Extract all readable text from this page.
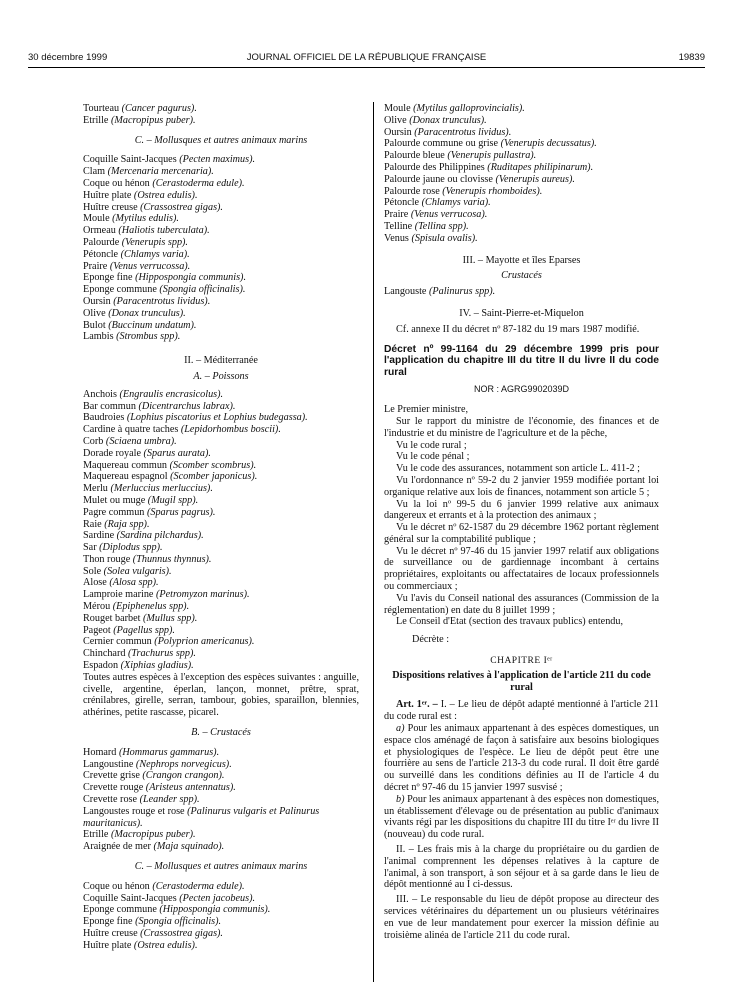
30 décembre 1999	JOURNAL OFFICIEL DE LA RÉPUBLIQUE FRANÇAISE	19839
Tourteau (Cancer pagurus).
Etrille (Macropipus puber).

C. – Mollusques et autres animaux marins

Coquille Saint-Jacques (Pecten maximus).
Clam (Mercenaria mercenaria).
Coque ou hénon (Cerastoderma edule).
Huître plate (Ostrea edulis).
Huître creuse (Crassostrea gigas).
Moule (Mytilus edulis).
Ormeau (Haliotis tuberculata).
Palourde (Venerupis spp).
Pétoncle (Chlamys varia).
Praire (Venus verrucossa).
Eponge fine (Hippospongia communis).
Eponge commune (Spongia officinalis).
Oursin (Paracentrotus lividus).
Olive (Donax trunculus).
Bulot (Buccinum undatum).
Lambis (Strombus spp).

II. – Méditerranée

A. – Poissons

Anchois (Engraulis encrasicolus).
Bar commun (Dicentrarchus labrax).
Baudroies (Lophius piscatorius et Lophius budegassa).
Cardine à quatre taches (Lepidorhombus boscii).
Corb (Sciaena umbra).
Dorade royale (Sparus aurata).
Maquereau commun (Scomber scombrus).
Maquereau espagnol (Scomber japonicus).
Merlu (Merluccius merluccius).
Mulet ou muge (Mugil spp).
Pagre commun (Sparus pagrus).
Raie (Raja spp).
Sardine (Sardina pilchardus).
Sar (Diplodus spp).
Thon rouge (Thunnus thynnus).
Sole (Solea vulgaris).
Alose (Alosa spp).
Lamproie marine (Petromyzon marinus).
Mérou (Epiphenelus spp).
Rouget barbet (Mullus spp).
Pageot (Pagellus spp).
Cernier commun (Polyprion americanus).
Chinchard (Trachurus spp).
Espadon (Xiphias gladius).

Toutes autres espèces à l'exception des espèces suivantes : anguille, civelle, argentine, éperlan, lançon, monnet, prêtre, sprat, crénilabres, girelle, serran, tambour, gobies, sparaillon, blennies, athérines, petite rascasse, picarel.

B. – Crustacés

Homard (Hommarus gammarus).
Langoustine (Nephrops norvegicus).
Crevette grise (Crangon crangon).
Crevette rouge (Aristeus antennatus).
Crevette rose (Leander spp).
Langoustes rouge et rose (Palinurus vulgaris et Palinurus mauritanicus).
Etrille (Macropipus puber).
Araignée de mer (Maja squinado).

C. – Mollusques et autres animaux marins

Coque ou hénon (Cerastoderma edule).
Coquille Saint-Jacques (Pecten jacobeus).
Eponge commune (Hippospongia communis).
Eponge fine (Spongia officinalis).
Huître creuse (Crassostrea gigas).
Huître plate (Ostrea edulis).
Moule (Mytilus galloprovincialis).
Olive (Donax trunculus).
Oursin (Paracentrotus lividus).
Palourde commune ou grise (Venerupis decussatus).
Palourde bleue (Venerupis pullastra).
Palourde des Philippines (Ruditapes philipinarum).
Palourde jaune ou clovisse (Venerupis aureus).
Palourde rose (Venerupis rhomboides).
Pétoncle (Chlamys varia).
Praire (Venus verrucosa).
Telline (Tellina spp).
Venus (Spisula ovalis).

III. – Mayotte et îles Eparses

Crustacés

Langouste (Palinurus spp).

IV. – Saint-Pierre-et-Miquelon

Cf. annexe II du décret nº 87-182 du 19 mars 1987 modifié.

Décret nº 99-1164 du 29 décembre 1999 pris pour l'application du chapitre III du titre II du livre II du code rural

NOR : AGRG9902039D

Le Premier ministre,

Sur le rapport du ministre de l'économie, des finances et de l'industrie et du ministre de l'agriculture et de la pêche,

Vu le code rural ;

Vu le code pénal ;

Vu le code des assurances, notamment son article L. 411-2 ;

Vu l'ordonnance nº 59-2 du 2 janvier 1959 modifiée portant loi organique relative aux lois de finances, notamment son article 5 ;

Vu la loi nº 99-5 du 6 janvier 1999 relative aux animaux dangereux et errants et à la protection des animaux ;

Vu le décret nº 62-1587 du 29 décembre 1962 portant règlement général sur la comptabilité publique ;

Vu le décret nº 97-46 du 15 janvier 1997 relatif aux obligations de surveillance ou de gardiennage incombant à certains propriétaires, exploitants ou affectataires de locaux professionnels ou commerciaux ;

Vu l'avis du Conseil national des assurances (Commission de la réglementation) en date du 8 juillet 1999 ;

Le Conseil d'Etat (section des travaux publics) entendu,

Décrète :

CHAPITRE Iᵉʳ

Dispositions relatives à l'application de l'article 211 du code rural

Art. 1ᵉʳ. – I. – Le lieu de dépôt adapté mentionné à l'article 211 du code rural est :

a) Pour les animaux appartenant à des espèces domestiques, un espace clos aménagé de façon à satisfaire aux besoins biologiques et physiologiques de l'espèce. Le lieu de dépôt peut être une fourrière au sens de l'article 213-3 du code rural. Il doit être gardé ou surveillé dans les conditions définies au II de l'article 4 du décret nº 97-46 du 15 janvier 1997 susvisé ;

b) Pour les animaux appartenant à des espèces non domestiques, un établissement d'élevage ou de présentation au public d'animaux vivants régi par les dispositions du chapitre III du titre Iᵉʳ du livre II (nouveau) du code rural.

II. – Les frais mis à la charge du propriétaire ou du gardien de l'animal comprennent les dépenses relatives à la capture de l'animal, à son transport, à son séjour et à sa garde dans le lieu de dépôt mentionné au I ci-dessus.

III. – Le responsable du lieu de dépôt propose au directeur des services vétérinaires du département un ou plusieurs vétérinaires en vue de leur mandatement pour exercer la mission définie au troisième alinéa de l'article 211 du code rural.
